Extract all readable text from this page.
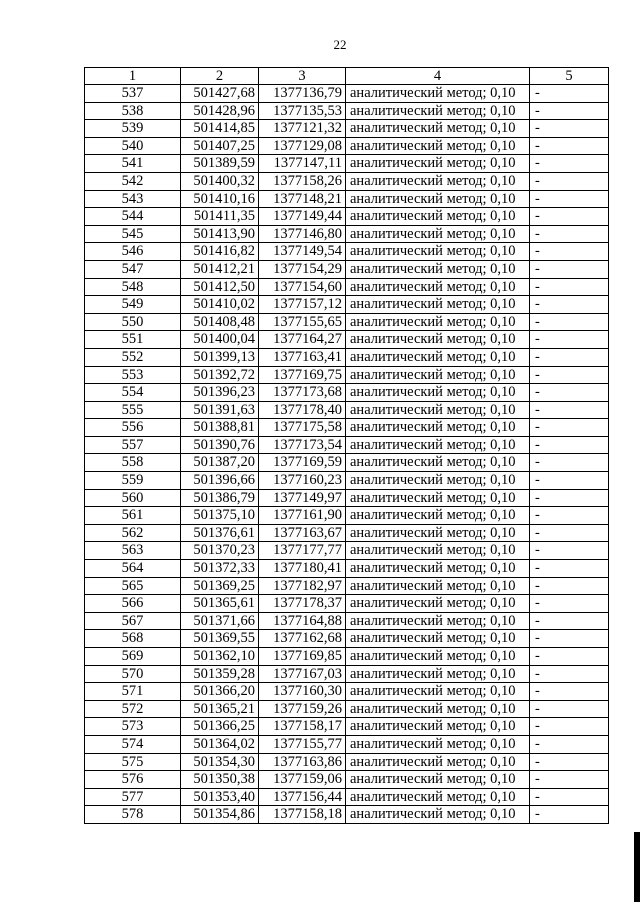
22
1	2	3	4	5
537	501427,68	1377136,79	аналитический метод; 0,10	-
538	501428,96	1377135,53	аналитический метод; 0,10	-
539	501414,85	1377121,32	аналитический метод; 0,10	-
540	501407,25	1377129,08	аналитический метод; 0,10	-
541	501389,59	1377147,11	аналитический метод; 0,10	-
542	501400,32	1377158,26	аналитический метод; 0,10	-
543	501410,16	1377148,21	аналитический метод; 0,10	-
544	501411,35	1377149,44	аналитический метод; 0,10	-
545	501413,90	1377146,80	аналитический метод; 0,10	-
546	501416,82	1377149,54	аналитический метод; 0,10	-
547	501412,21	1377154,29	аналитический метод; 0,10	-
548	501412,50	1377154,60	аналитический метод; 0,10	-
549	501410,02	1377157,12	аналитический метод; 0,10	-
550	501408,48	1377155,65	аналитический метод; 0,10	-
551	501400,04	1377164,27	аналитический метод; 0,10	-
552	501399,13	1377163,41	аналитический метод; 0,10	-
553	501392,72	1377169,75	аналитический метод; 0,10	-
554	501396,23	1377173,68	аналитический метод; 0,10	-
555	501391,63	1377178,40	аналитический метод; 0,10	-
556	501388,81	1377175,58	аналитический метод; 0,10	-
557	501390,76	1377173,54	аналитический метод; 0,10	-
558	501387,20	1377169,59	аналитический метод; 0,10	-
559	501396,66	1377160,23	аналитический метод; 0,10	-
560	501386,79	1377149,97	аналитический метод; 0,10	-
561	501375,10	1377161,90	аналитический метод; 0,10	-
562	501376,61	1377163,67	аналитический метод; 0,10	-
563	501370,23	1377177,77	аналитический метод; 0,10	-
564	501372,33	1377180,41	аналитический метод; 0,10	-
565	501369,25	1377182,97	аналитический метод; 0,10	-
566	501365,61	1377178,37	аналитический метод; 0,10	-
567	501371,66	1377164,88	аналитический метод; 0,10	-
568	501369,55	1377162,68	аналитический метод; 0,10	-
569	501362,10	1377169,85	аналитический метод; 0,10	-
570	501359,28	1377167,03	аналитический метод; 0,10	-
571	501366,20	1377160,30	аналитический метод; 0,10	-
572	501365,21	1377159,26	аналитический метод; 0,10	-
573	501366,25	1377158,17	аналитический метод; 0,10	-
574	501364,02	1377155,77	аналитический метод; 0,10	-
575	501354,30	1377163,86	аналитический метод; 0,10	-
576	501350,38	1377159,06	аналитический метод; 0,10	-
577	501353,40	1377156,44	аналитический метод; 0,10	-
578	501354,86	1377158,18	аналитический метод; 0,10	-
